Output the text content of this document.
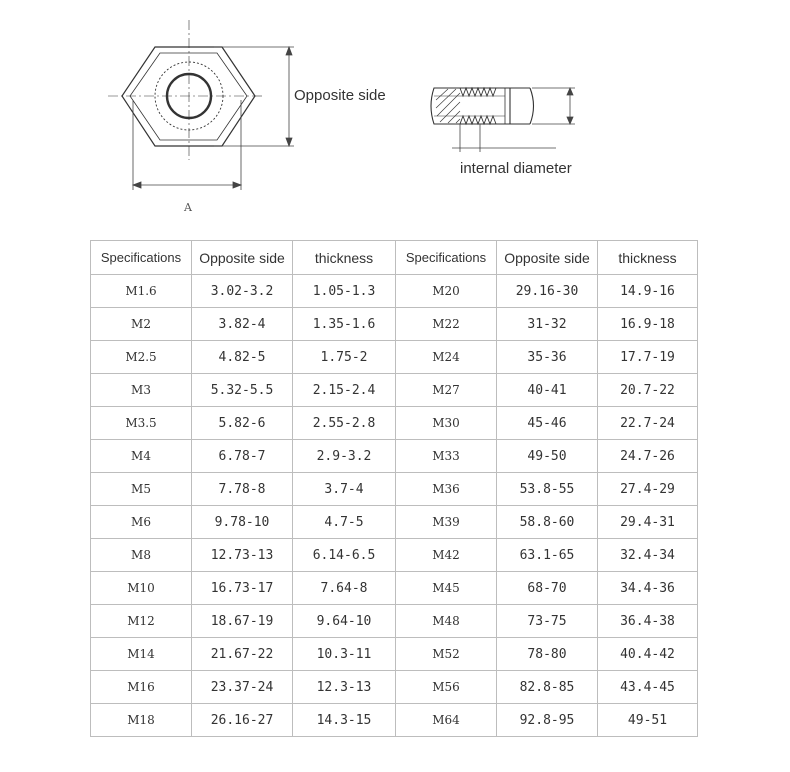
Opposite side
internal diameter
A
Specifications	Opposite side	thickness	Specifications	Opposite side	thickness
M1.6	3.02-3.2	1.05-1.3	M20	29.16-30	14.9-16
M2	3.82-4	1.35-1.6	M22	31-32	16.9-18
M2.5	4.82-5	1.75-2	M24	35-36	17.7-19
M3	5.32-5.5	2.15-2.4	M27	40-41	20.7-22
M3.5	5.82-6	2.55-2.8	M30	45-46	22.7-24
M4	6.78-7	2.9-3.2	M33	49-50	24.7-26
M5	7.78-8	3.7-4	M36	53.8-55	27.4-29
M6	9.78-10	4.7-5	M39	58.8-60	29.4-31
M8	12.73-13	6.14-6.5	M42	63.1-65	32.4-34
M10	16.73-17	7.64-8	M45	68-70	34.4-36
M12	18.67-19	9.64-10	M48	73-75	36.4-38
M14	21.67-22	10.3-11	M52	78-80	40.4-42
M16	23.37-24	12.3-13	M56	82.8-85	43.4-45
M18	26.16-27	14.3-15	M64	92.8-95	49-51
